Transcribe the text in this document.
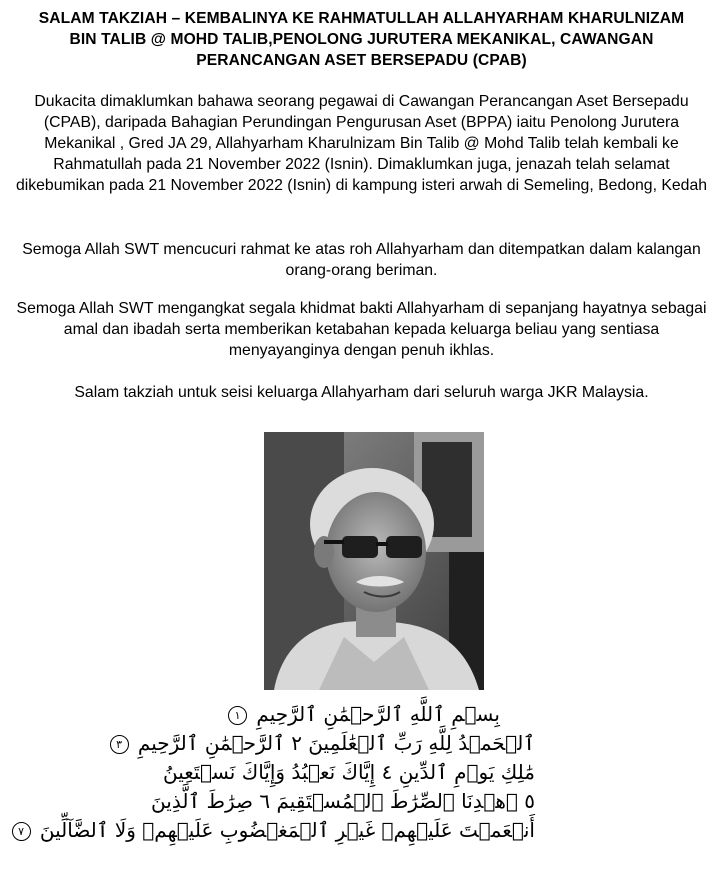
SALAM TAKZIAH – KEMBALINYA KE RAHMATULLAH ALLAHYARHAM KHARULNIZAM BIN TALIB @ MOHD TALIB,PENOLONG JURUTERA MEKANIKAL, CAWANGAN PERANCANGAN ASET BERSEPADU (CPAB)

Dukacita dimaklumkan bahawa seorang pegawai di Cawangan Perancangan Aset Bersepadu (CPAB), daripada Bahagian Perundingan Pengurusan Aset (BPPA) iaitu Penolong Jurutera Mekanikal , Gred JA 29, Allahyarham Kharulnizam Bin Talib @ Mohd Talib telah kembali ke Rahmatullah pada 21 November 2022 (Isnin). Dimaklumkan juga, jenazah telah selamat dikebumikan pada 21 November 2022 (Isnin) di kampung isteri arwah di Semeling, Bedong, Kedah

Semoga Allah SWT mencucuri rahmat ke atas roh Allahyarham dan ditempatkan dalam kalangan orang-orang beriman.

Semoga Allah SWT mengangkat segala khidmat bakti Allahyarham di sepanjang hayatnya sebagai amal dan ibadah serta memberikan ketabahan kepada keluarga beliau yang sentiasa menyayanginya dengan penuh ikhlas.

Salam takziah untuk seisi keluarga Allahyarham dari seluruh warga JKR Malaysia.

بِسۡمِ ٱللَّهِ ٱلرَّحۡمَٰنِ ٱلرَّحِيمِ ١
ٱلۡحَمۡدُ لِلَّهِ رَبِّ ٱلۡعَٰلَمِينَ ٢ ٱلرَّحۡمَٰنِ ٱلرَّحِيمِ ٣
مَٰلِكِ يَوۡمِ ٱلدِّينِ ٤ إِيَّاكَ نَعۡبُدُ وَإِيَّاكَ نَسۡتَعِينُ
٥ ٱهۡدِنَا ٱلصِّرَٰطَ ٱلۡمُسۡتَقِيمَ ٦ صِرَٰطَ ٱلَّذِينَ
أَنۡعَمۡتَ عَلَيۡهِمۡ غَيۡرِ ٱلۡمَغۡضُوبِ عَلَيۡهِمۡ وَلَا ٱلضَّآلِّينَ ٧
